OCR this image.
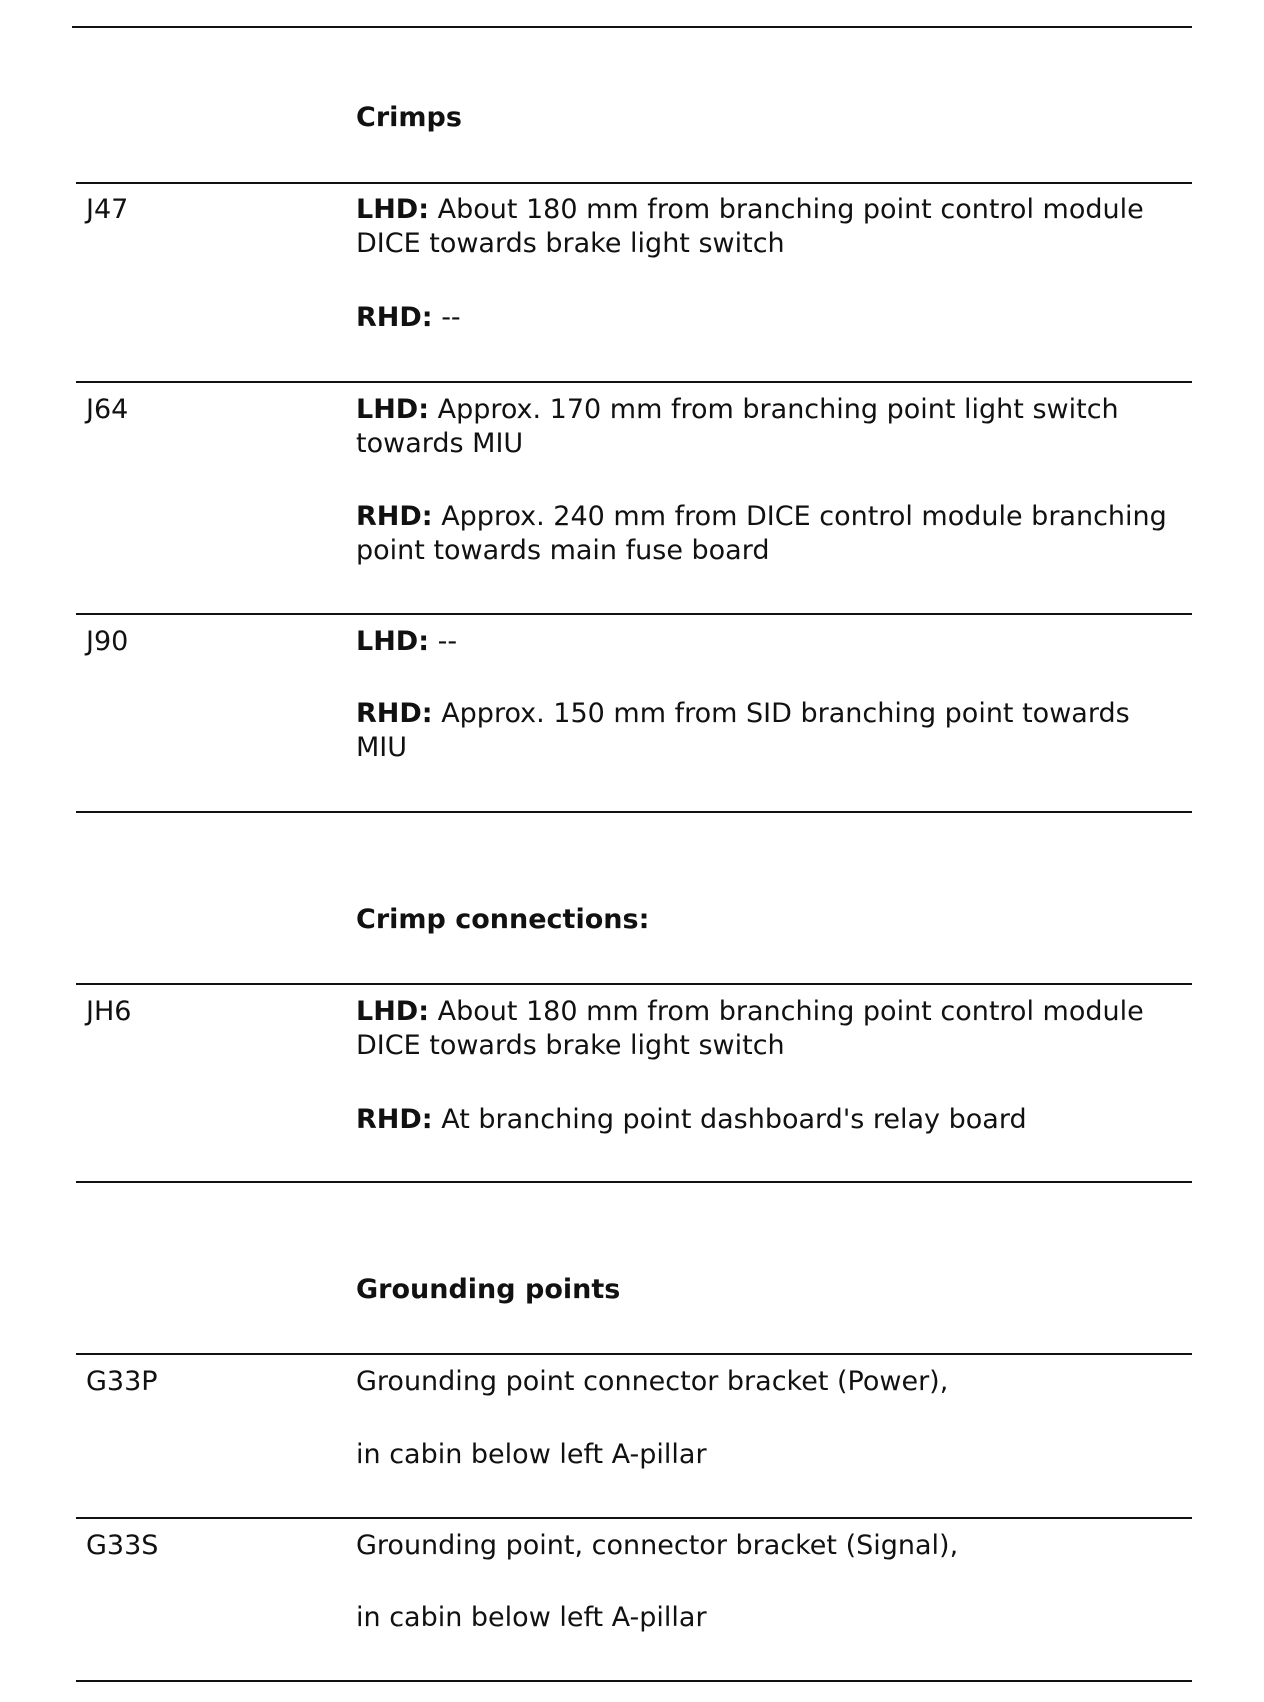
Crimps
J47	LHD: About 180 mm from branching point control module DICE towards brake light switch
RHD: --
J64	LHD: Approx. 170 mm from branching point light switch towards MIU
RHD: Approx. 240 mm from DICE control module branching point towards main fuse board
J90	LHD: --
RHD: Approx. 150 mm from SID branching point towards MIU
Crimp connections:
JH6	LHD: About 180 mm from branching point control module DICE towards brake light switch
RHD: At branching point dashboard's relay board
Grounding points
G33P	Grounding point connector bracket (Power),
in cabin below left A-pillar
G33S	Grounding point, connector bracket (Signal),
in cabin below left A-pillar
